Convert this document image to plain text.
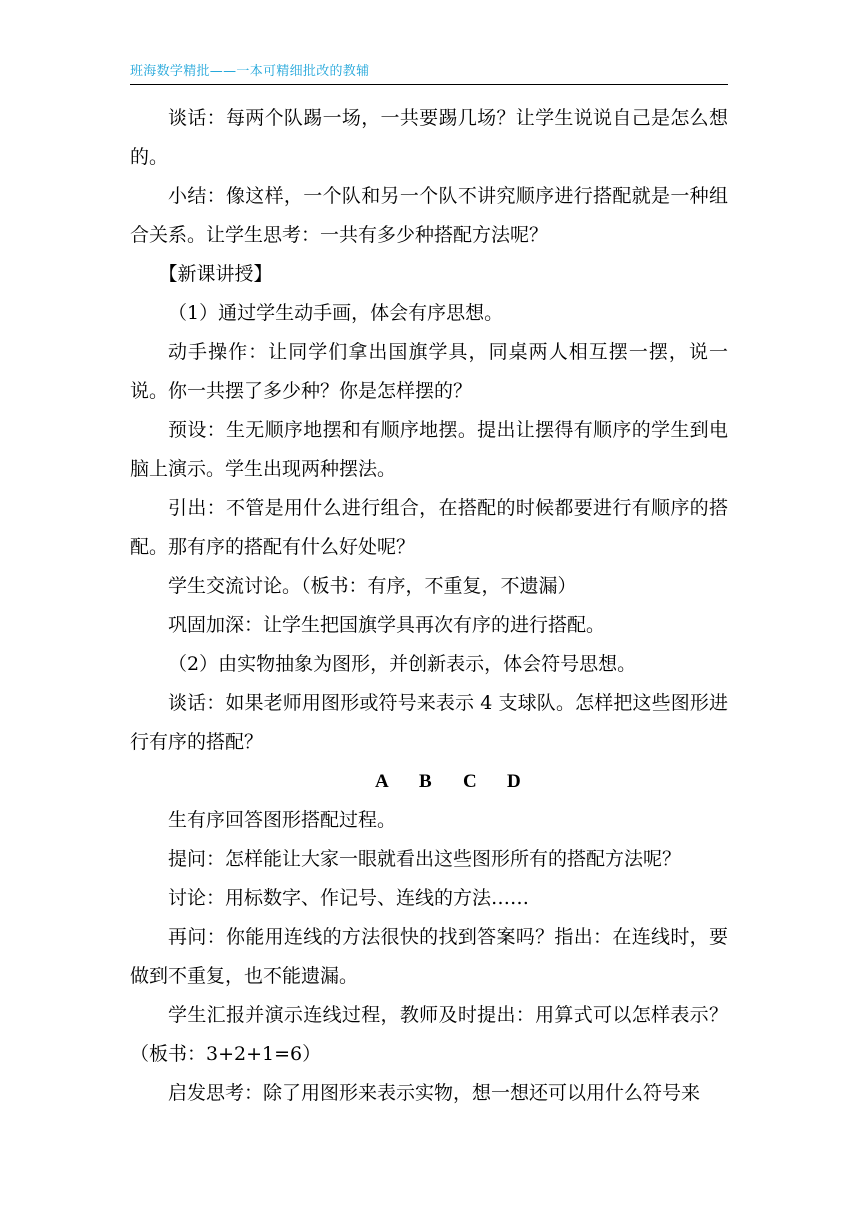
班海数学精批——一本可精细批改的教辅

谈话：每两个队踢一场，一共要踢几场？让学生说说自己是怎么想的。

小结：像这样，一个队和另一个队不讲究顺序进行搭配就是一种组合关系。让学生思考：一共有多少种搭配方法呢？

【新课讲授】

（1）通过学生动手画，体会有序思想。

动手操作：让同学们拿出国旗学具，同桌两人相互摆一摆，说一说。你一共摆了多少种？你是怎样摆的？

预设：生无顺序地摆和有顺序地摆。提出让摆得有顺序的学生到电脑上演示。学生出现两种摆法。

引出：不管是用什么进行组合，在搭配的时候都要进行有顺序的搭配。那有序的搭配有什么好处呢？

学生交流讨论。（板书：有序，不重复，不遗漏）

巩固加深：让学生把国旗学具再次有序的进行搭配。

（2）由实物抽象为图形，并创新表示，体会符号思想。

谈话：如果老师用图形或符号来表示 4 支球队。怎样把这些图形进行有序的搭配？

A B C D

生有序回答图形搭配过程。

提问：怎样能让大家一眼就看出这些图形所有的搭配方法呢？

讨论：用标数字、作记号、连线的方法……

再问：你能用连线的方法很快的找到答案吗？指出：在连线时，要做到不重复，也不能遗漏。

学生汇报并演示连线过程，教师及时提出：用算式可以怎样表示？（板书：3+2+1=6）

启发思考：除了用图形来表示实物，想一想还可以用什么符号来
